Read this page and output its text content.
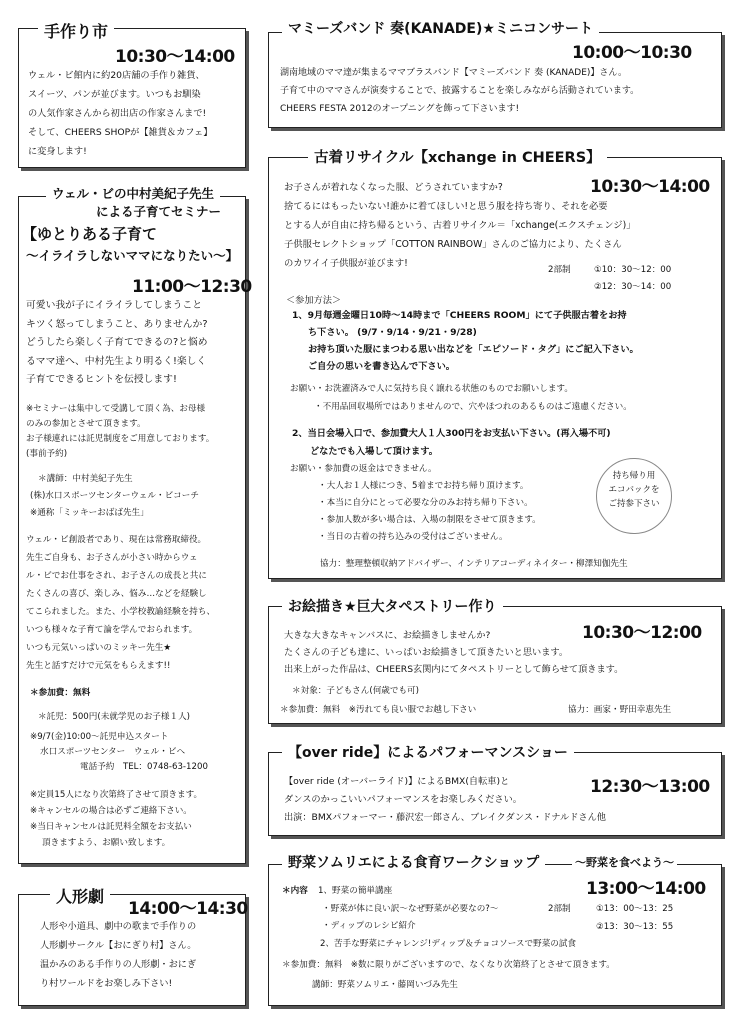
手作り市
10:30〜14:00
ウェル・ビの中村美紀子先生
による子育てセミナー
【ゆとりある子育て
〜イライラしないママになりたい〜】
11:00〜12:30
人形劇
14:00〜14:30
マミーズバンド 奏(KANADE)★ミニコンサート
10:00〜10:30
古着リサイクル【xchange in CHEERS】
10:30〜14:00
持ち帰り用
エコバックを
ご持参下さい
お絵描き★巨大タペストリー作り
10:30〜12:00
【over ride】によるパフォーマンスショー
12:30〜13:00
野菜ソムリエによる食育ワークショップ	〜野菜を食べよう〜
13:00〜14:00
ウェル・ビ館内に約20店舗の手作り雑貨、
スイーツ、パンが並びます。いつもお馴染
の人気作家さんから初出店の作家さんまで!
そして、CHEERS SHOPが【雑貨＆カフェ】
に変身します!
可愛い我が子にイライラしてしまうこと
キツく怒ってしまうこと、ありませんか?
どうしたら楽しく子育てできるの?と悩め
るママ達へ、中村先生より明るく!楽しく
子育てできるヒントを伝授します!
※セミナーは集中して受講して頂く為、お母様
のみの参加とさせて頂きます。
お子様連れには託児制度をご用意しております。
(事前予約)
＊講師：中村美紀子先生
(株)水口スポーツセンターウェル・ビコーチ
※通称「ミッキーおばば先生」
ウェル・ビ創設者であり、現在は常務取締役。
先生ご自身も、お子さんが小さい時からウェ
ル・ビでお仕事をされ、お子さんの成長と共に
たくさんの喜び、楽しみ、悩み…などを経験し
てこられました。また、小学校教諭経験を持ち、
いつも様々な子育て論を学んでおられます。
いつも元気いっぱいのミッキー先生★
先生と話すだけで元気をもらえます!!
＊参加費：無料
＊託児：500円(未就学児のお子様１人)
※9/7(金)10:00〜託児申込スタート
水口スポーツセンター　ウェル・ビへ
電話予約　TEL：0748-63-1200
※定員15人になり次第終了させて頂きます。
※キャンセルの場合は必ずご連絡下さい。
※当日キャンセルは託児料全額をお支払い
頂きますよう、お願い致します。
人形や小道具、劇中の歌まで手作りの
人形劇サークル【おにぎり村】さん。
温かみのある手作りの人形劇・おにぎ
り村ワールドをお楽しみ下さい!
湖南地域のママ達が集まるママブラスバンド【マミーズバンド 奏 (KANADE)】さん。
子育て中のママさんが演奏することで、披露することを楽しみながら活動されています。
CHEERS FESTA 2012のオープニングを飾って下さいます!
お子さんが着れなくなった服、どうされていますか?
捨てるにはもったいない!誰かに着てほしい!と思う服を持ち寄り、それを必要
とする人が自由に持ち帰るという、古着リサイクル＝「xchange(エクスチェンジ)」
子供服セレクトショップ「COTTON RAINBOW」さんのご協力により、たくさん
のカワイイ子供服が並びます!
2部制	①10：30〜12：00
②12：30〜14：00
＜参加方法＞
1、9月毎週金曜日10時〜14時まで「CHEERS ROOM」にて子供服古着をお持
ち下さい。 (9/7・9/14・9/21・9/28)
お持ち頂いた服にまつわる思い出などを「エピソード・タグ」にご記入下さい。
ご自分の思いを書き込んで下さい。
お願い・お洗濯済みで人に気持ち良く譲れる状態のものでお願いします。
・不用品回収場所ではありませんので、穴やほつれのあるものはご遠慮ください。
2、当日会場入口で、参加費大人１人300円をお支払い下さい。(再入場不可)
どなたでも入場して頂けます。
お願い・参加費の返金はできません。
・大人お１人様につき、5着までお持ち帰り頂けます。
・本当に自分にとって必要な分のみお持ち帰り下さい。
・参加人数が多い場合は、入場の制限をさせて頂きます。
・当日の古着の持ち込みの受付はございません。
協力：整理整頓収納アドバイザー、インテリアコーディネイター・柳澤知伽先生
大きな大きなキャンバスに、お絵描きしませんか?
たくさんの子ども達に、いっぱいお絵描きして頂きたいと思います。
出来上がった作品は、CHEERS玄関内にてタペストリーとして飾らせて頂きます。
＊対象：子どもさん(何歳でも可)
＊参加費：無料　※汚れても良い服でお越し下さい	協力：画家・野田幸恵先生
【over ride (オーバーライド)】によるBMX(自転車)と
ダンスのかっこいいパフォーマンスをお楽しみください。
出演：BMXパフォーマー・藤沢宏一郎さん、ブレイクダンス・ドナルドさん他
＊内容 1、野菜の簡単講座
・野菜が体に良い訳〜なぜ野菜が必要なの?〜
・ディップのレシピ紹介
2、苦手な野菜にチャレンジ!ディップ＆チョコソースで野菜の試食
2部制	①13：00〜13：25
②13：30〜13：55
＊参加費：無料　※数に限りがございますので、なくなり次第終了とさせて頂きます。
講師：野菜ソムリエ・藤岡いづみ先生
